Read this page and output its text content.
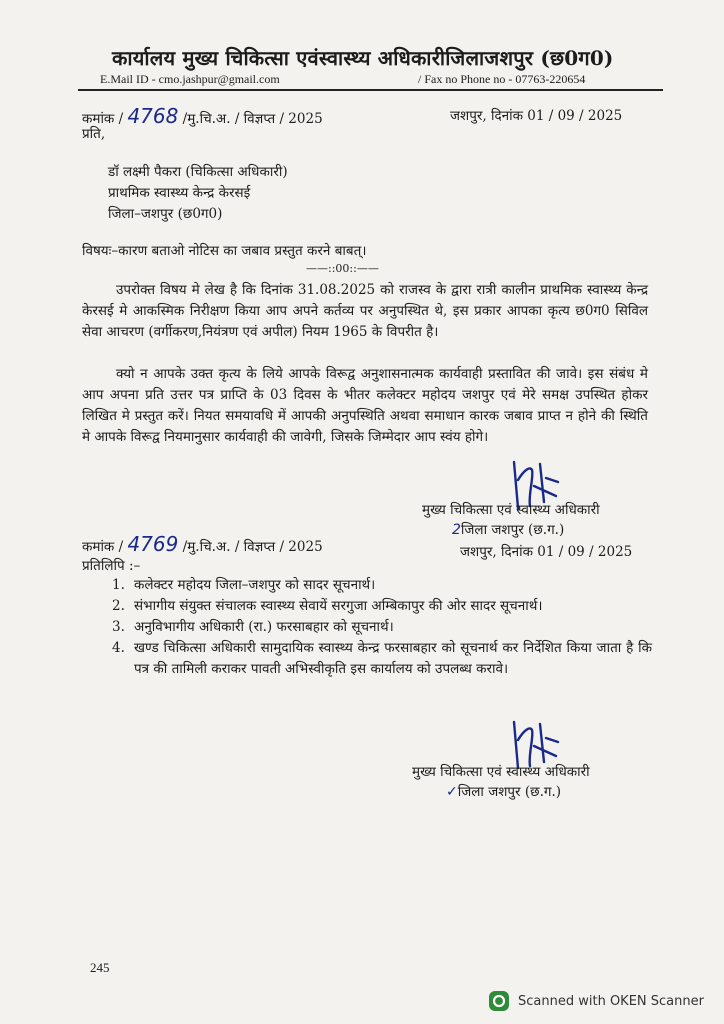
कार्यालय मुख्य चिकित्सा एवंस्वास्थ्य अधिकारीजिलाजशपुर (छ0ग0)
E.Mail ID - cmo.jashpur@gmail.com	/ Fax no Phone no - 07763-220654
कमांक / 4768 /मु.चि.अ. / विज्ञप्त / 2025	जशपुर, दिनांक 01 / 09 / 2025
प्रति,
डॉ लक्ष्मी पैकरा (चिकित्सा अधिकारी)
प्राथमिक स्वास्थ्य केन्द्र केरसई
जिला–जशपुर (छ0ग0)
विषयः–कारण बताओ नोटिस का जबाव प्रस्तुत करने बाबत्।
——::00::——
उपरोक्त विषय मे लेख है कि दिनांक 31.08.2025 को राजस्व के द्वारा रात्री कालीन प्राथमिक स्वास्थ्य केन्द्र केरसई मे आकस्मिक निरीक्षण किया आप अपने कर्तव्य पर अनुपस्थित थे, इस प्रकार आपका कृत्य छ0ग0 सिविल सेवा आचरण (वर्गीकरण,नियंत्रण एवं अपील) नियम 1965 के विपरीत है।
क्यो न आपके उक्त कृत्य के लिये आपके विरूद्व अनुशासनात्मक कार्यवाही प्रस्तावित की जावे। इस संबंध मे आप अपना प्रति उत्तर पत्र प्राप्ति के 03 दिवस के भीतर कलेक्टर महोदय जशपुर एवं मेरे समक्ष उपस्थित होकर लिखित मे प्रस्तुत करें। नियत समयावधि में आपकी अनुपस्थिति अथवा समाधान कारक जबाव प्राप्त न होने की स्थिति मे आपके विरूद्व नियमानुसार कार्यवाही की जावेगी, जिसके जिम्मेदार आप स्वंय होगे।
मुख्य चिकित्सा एवं स्वास्थ्य अधिकारी
2जिला जशपुर (छ.ग.)
कमांक / 4769 /मु.चि.अ. / विज्ञप्त / 2025	जशपुर, दिनांक 01 / 09 / 2025
प्रतिलिपि :–
1. कलेक्टर महोदय जिला–जशपुर को सादर सूचनार्थ।
2. संभागीय संयुक्त संचालक स्वास्थ्य सेवायें सरगुजा अम्बिकापुर की ओर सादर सूचनार्थ।
3. अनुविभागीय अधिकारी (रा.) फरसाबहार को सूचनार्थ।
4. खण्ड चिकित्सा अधिकारी सामुदायिक स्वास्थ्य केन्द्र फरसाबहार को सूचनार्थ कर निर्देशित किया जाता है कि पत्र की तामिली कराकर पावती अभिस्वीकृति इस कार्यालय को उपलब्ध करावे।
मुख्य चिकित्सा एवं स्वास्थ्य अधिकारी
✓जिला जशपुर (छ.ग.)
245
Scanned with OKEN Scanner
